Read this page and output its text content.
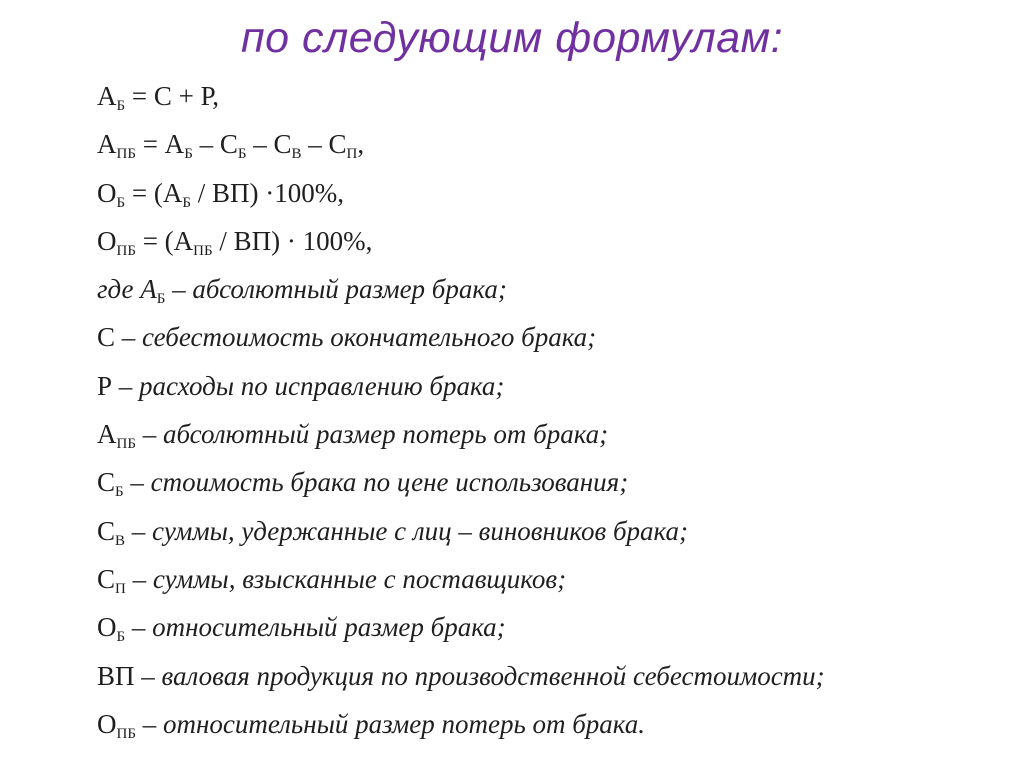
по следующим формулам:
$А_Б = С + Р$,
$А_{ПБ} = А_Б - С_Б - С_В - С_П$,
$О_Б = (А_Б / ВП) \cdot 100\%$,
$О_{ПБ} = (А_{ПБ} / ВП) \cdot 100\%$,
где $А_Б$ – абсолютный размер брака;
С – себестоимость окончательного брака;
Р – расходы по исправлению брака;
$А_{ПБ}$ – абсолютный размер потерь от брака;
$С_Б$ – стоимость брака по цене использования;
$С_В$ – суммы, удержанные с лиц – виновников брака;
$С_П$ – суммы, взысканные с поставщиков;
$О_Б$ – относительный размер брака;
ВП – валовая продукция по производственной себестоимости;
$О_{ПБ}$ – относительный размер потерь от брака.
